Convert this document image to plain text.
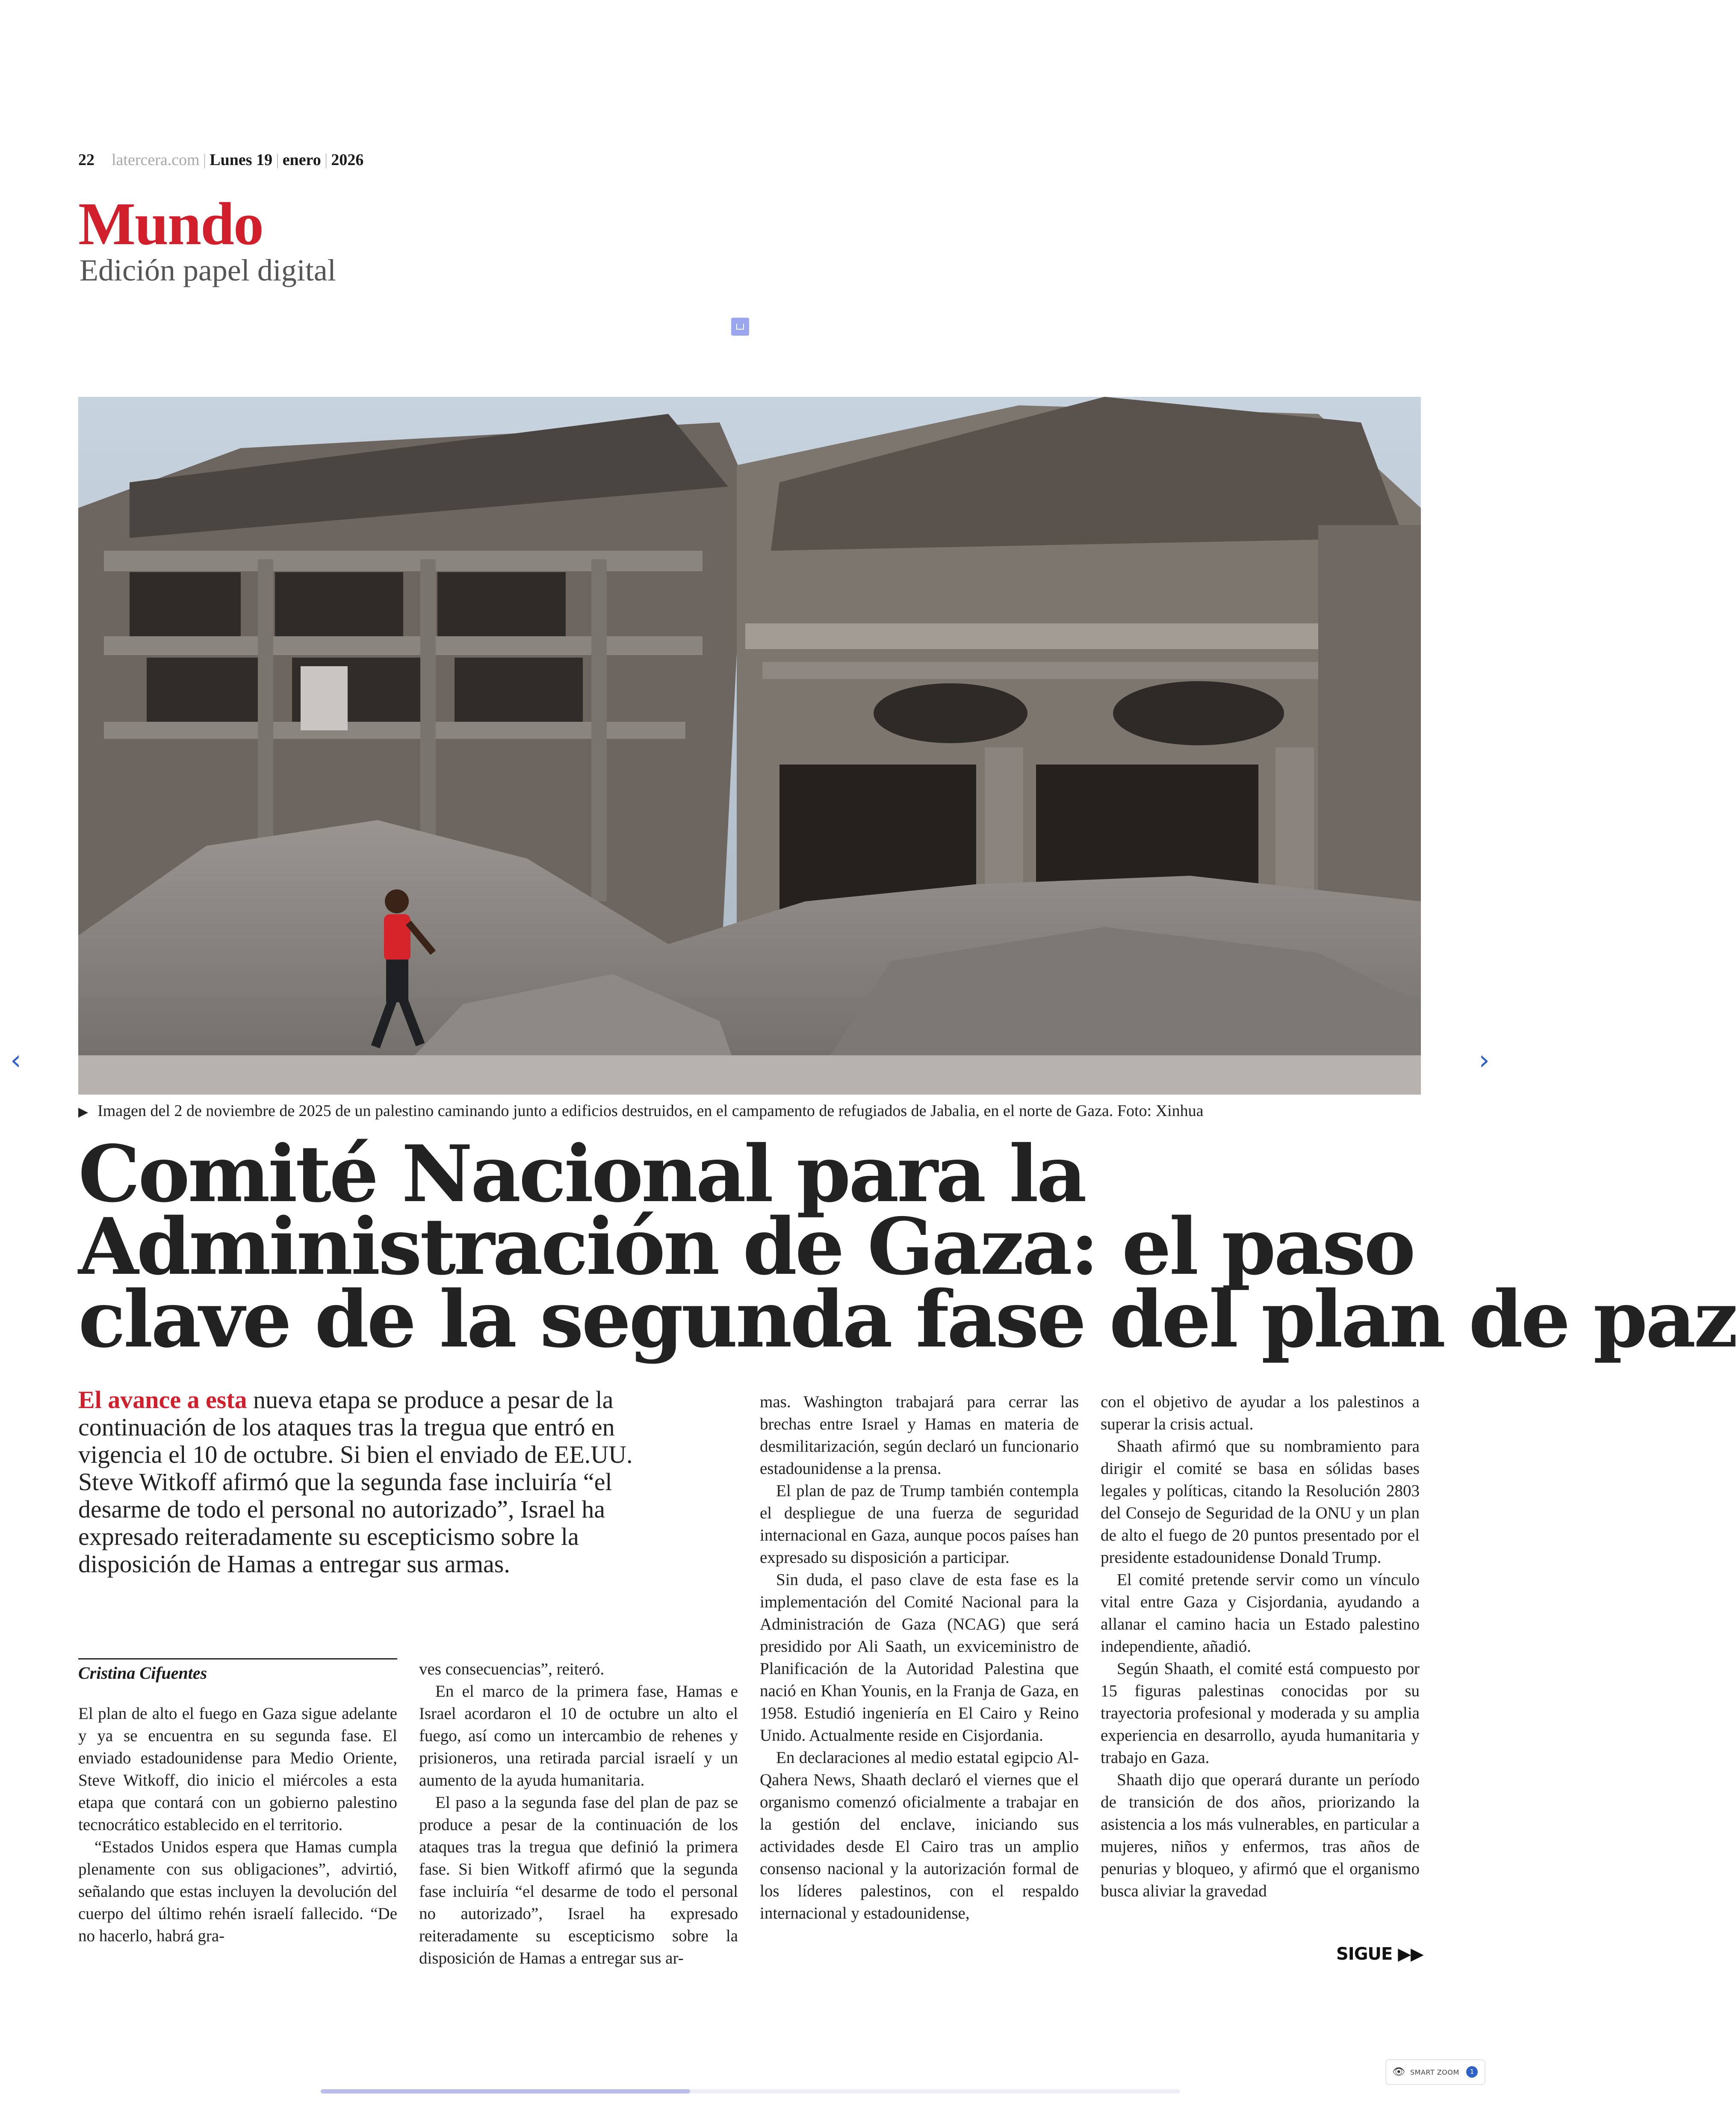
22 latercera.com | Lunes 19 | enero | 2026
Mundo
Edición papel digital
▶ Imagen del 2 de noviembre de 2025 de un palestino caminando junto a edificios destruidos, en el campamento de refugiados de Jabalia, en el norte de Gaza. Foto: Xinhua
Comité Nacional para la
Administración de Gaza: el paso
clave de la segunda fase del plan de paz
El avance a esta nueva etapa se produce a pesar de la continuación de los ataques tras la tregua que entró en vigencia el 10 de octubre. Si bien el enviado de EE.UU. Steve Witkoff afirmó que la segunda fase incluiría “el desarme de todo el personal no autorizado”, Israel ha expresado reiteradamente su escepticismo sobre la disposición de Hamas a entregar sus armas.
Cristina Cifuentes

El plan de alto el fuego en Gaza sigue adelante y ya se encuentra en su segunda fase. El enviado estadounidense para Medio Oriente, Steve Witkoff, dio inicio el miércoles a esta etapa que contará con un gobierno palestino tecnocrático establecido en el territorio.

“Estados Unidos espera que Hamas cumpla plenamente con sus obligaciones”, advirtió, señalando que estas incluyen la devolución del cuerpo del último rehén israelí fallecido. “De no hacerlo, habrá gra-

ves consecuencias”, reiteró.

En el marco de la primera fase, Hamas e Israel acordaron el 10 de octubre un alto el fuego, así como un intercambio de rehenes y prisioneros, una retirada parcial israelí y un aumento de la ayuda humanitaria.

El paso a la segunda fase del plan de paz se produce a pesar de la continuación de los ataques tras la tregua que definió la primera fase. Si bien Witkoff afirmó que la segunda fase incluiría “el desarme de todo el personal no autorizado”, Israel ha expresado reiteradamente su escepticismo sobre la disposición de Hamas a entregar sus ar-

mas. Washington trabajará para cerrar las brechas entre Israel y Hamas en materia de desmilitarización, según declaró un funcionario estadounidense a la prensa.

El plan de paz de Trump también contempla el despliegue de una fuerza de seguridad internacional en Gaza, aunque pocos países han expresado su disposición a participar.

Sin duda, el paso clave de esta fase es la implementación del Comité Nacional para la Administración de Gaza (NCAG) que será presidido por Ali Saath, un exviceministro de Planificación de la Autoridad Palestina que nació en Khan Younis, en la Franja de Gaza, en 1958. Estudió ingeniería en El Cairo y Reino Unido. Actualmente reside en Cisjordania.

En declaraciones al medio estatal egipcio Al-Qahera News, Shaath declaró el viernes que el organismo comenzó oficialmente a trabajar en la gestión del enclave, iniciando sus actividades desde El Cairo tras un amplio consenso nacional y la autorización formal de los líderes palestinos, con el respaldo internacional y estadounidense,

con el objetivo de ayudar a los palestinos a superar la crisis actual.

Shaath afirmó que su nombramiento para dirigir el comité se basa en sólidas bases legales y políticas, citando la Resolución 2803 del Consejo de Seguridad de la ONU y un plan de alto el fuego de 20 puntos presentado por el presidente estadounidense Donald Trump.

El comité pretende servir como un vínculo vital entre Gaza y Cisjordania, ayudando a allanar el camino hacia un Estado palestino independiente, añadió.

Según Shaath, el comité está compuesto por 15 figuras palestinas conocidas por su trayectoria profesional y moderada y su amplia experiencia en desarrollo, ayuda humanitaria y trabajo en Gaza.

Shaath dijo que operará durante un período de transición de dos años, priorizando la asistencia a los más vulnerables, en particular a mujeres, niños y enfermos, tras años de penurias y bloqueo, y afirmó que el organismo busca aliviar la gravedad

SIGUE ▶▶
‹	›
👁 SMART ZOOM	1
